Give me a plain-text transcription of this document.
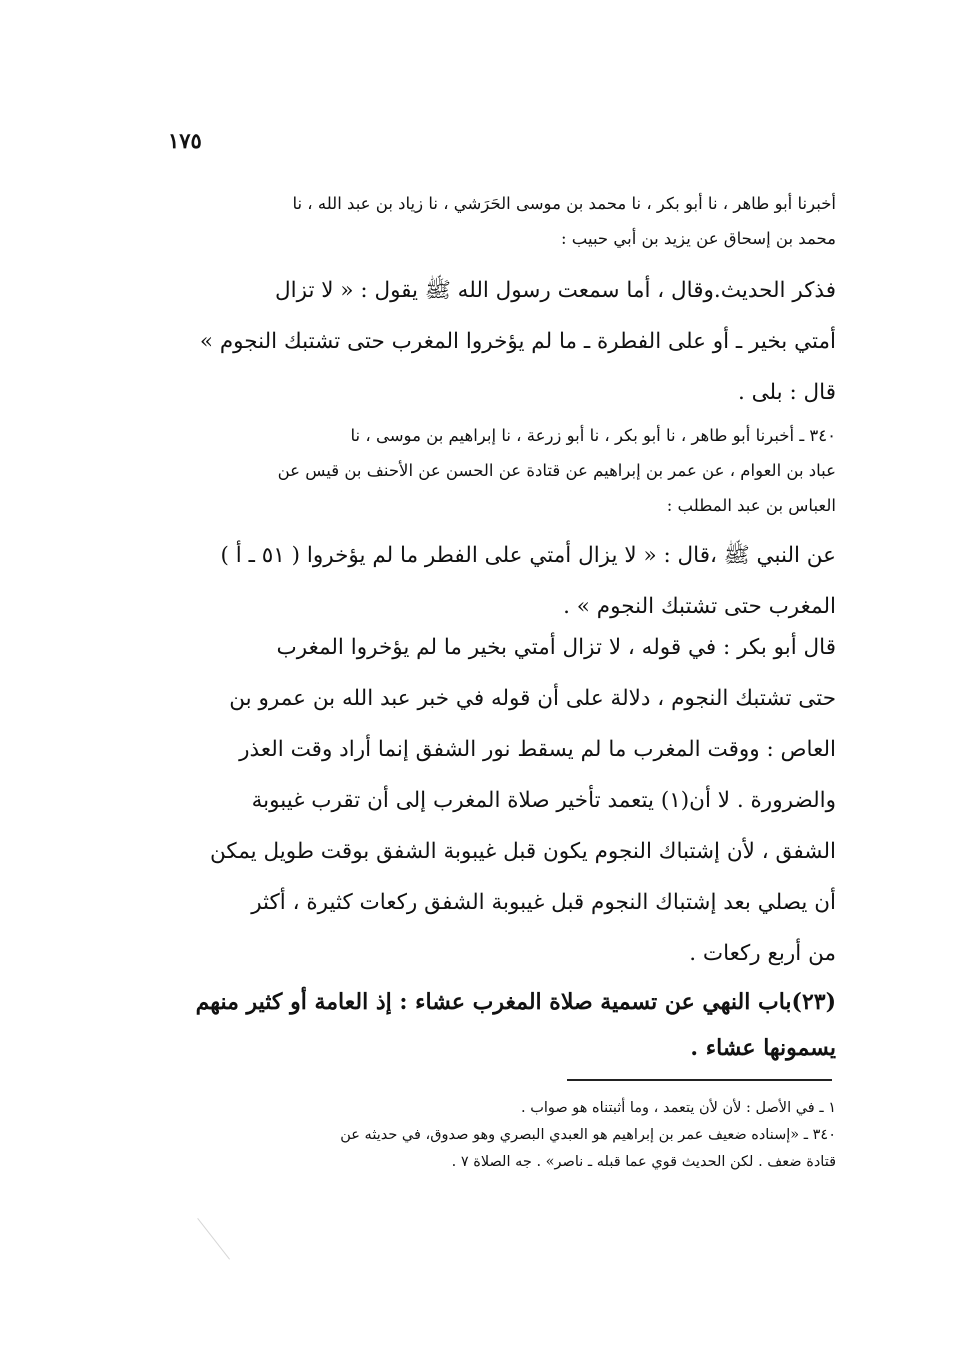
١٧٥
أخبرنا أبو طاهر ، نا أبو بكر ، نا محمد بن موسى الحَرَشي ، نا زياد بن عبد الله ، نا
محمد بن إسحاق عن يزيد بن أبي حبيب :
فذكر الحديث.وقال ، أما سمعت رسول الله ﷺ يقول : « لا تزال
أمتي بخير ـ أو على الفطرة ـ ما لم يؤخروا المغرب حتى تشتبك النجوم »
قال : بلى .
٣٤٠ ـ أخبرنا أبو طاهر ، نا أبو بكر ، نا أبو زرعة ، نا إبراهيم بن موسى ، نا
عباد بن العوام ، عن عمر بن إبراهيم عن قتادة عن الحسن عن الأحنف بن قيس عن
العباس بن عبد المطلب :
عن النبي ﷺ ،قال : « لا يزال أمتي على الفطر ما لم يؤخروا ( ٥١ ـ أ )
المغرب حتى تشتبك النجوم » .
قال أبو بكر : في قوله ، لا تزال أمتي بخير ما لم يؤخروا المغرب
حتى تشتبك النجوم ، دلالة على أن قوله في خبر عبد الله بن عمرو بن
العاص : ووقت المغرب ما لم يسقط نور الشفق إنما أراد وقت العذر
والضرورة . لا أن(١) يتعمد تأخير صلاة المغرب إلى أن تقرب غيبوبة
الشفق ، لأن إشتباك النجوم يكون قبل غيبوبة الشفق بوقت طويل يمكن
أن يصلي بعد إشتباك النجوم قبل غيبوبة الشفق ركعات كثيرة ، أكثر
من أربع ركعات .
(٢٣)باب النهي عن تسمية صلاة المغرب عشاء : إذ العامة أو كثير منهم
يسمونها عشاء .
١ ـ في الأصل : لأن لأن يتعمد ، وما أثبتناه هو صواب .
٣٤٠ ـ «إسناده ضعيف عمر بن إبراهيم هو العبدي البصري وهو صدوق، في حديثه عن
قتادة ضعف . لكن الحديث قوي عما قبله ـ ناصر» . جه الصلاة ٧ .
